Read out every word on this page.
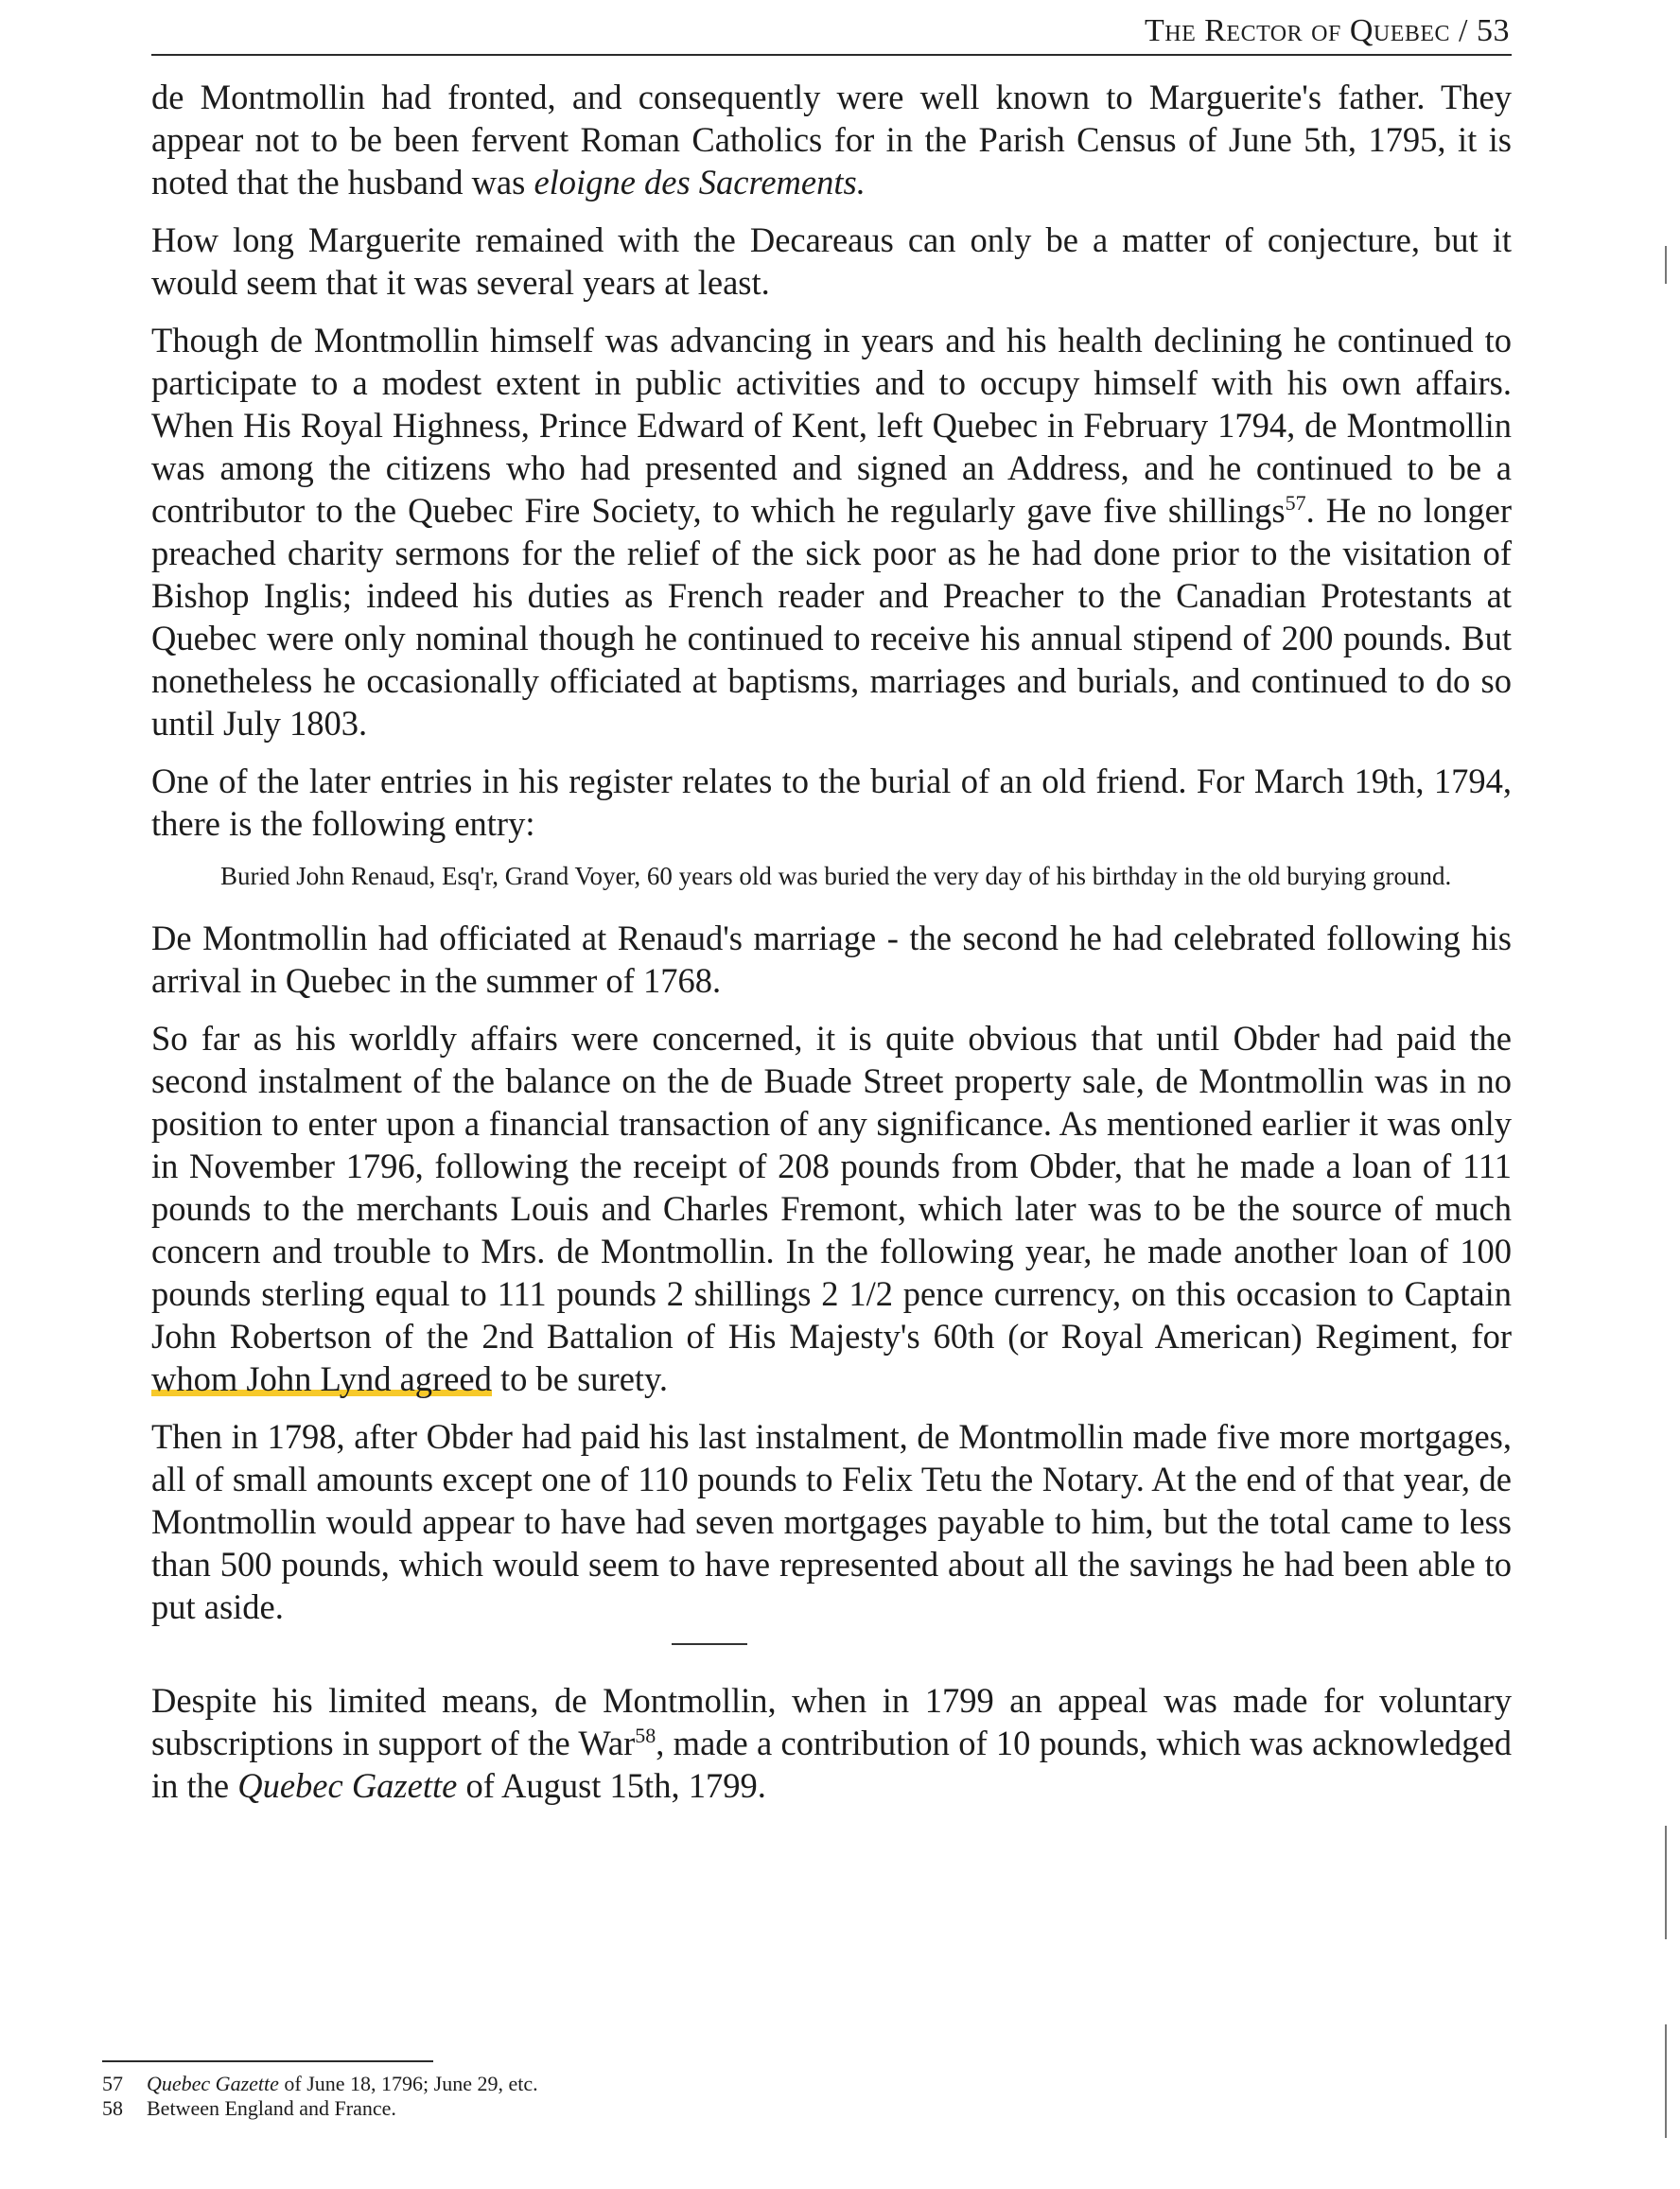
The Rector of Quebec / 53

de Montmollin had fronted, and consequently were well known to Marguerite's father. They appear not to be been fervent Roman Catholics for in the Parish Census of June 5th, 1795, it is noted that the husband was eloigne des Sacrements.

How long Marguerite remained with the Decareaus can only be a matter of conjecture, but it would seem that it was several years at least.

Though de Montmollin himself was advancing in years and his health declining he continued to participate to a modest extent in public activities and to occupy himself with his own affairs. When His Royal Highness, Prince Edward of Kent, left Quebec in February 1794, de Montmollin was among the citizens who had presented and signed an Address, and he continued to be a contributor to the Quebec Fire Society, to which he regularly gave five shillings$^{57}$. He no longer preached charity sermons for the relief of the sick poor as he had done prior to the visitation of Bishop Inglis; indeed his duties as French reader and Preacher to the Canadian Protestants at Quebec were only nominal though he continued to receive his annual stipend of 200 pounds. But nonetheless he occasionally officiated at baptisms, marriages and burials, and continued to do so until July 1803.

One of the later entries in his register relates to the burial of an old friend. For March 19th, 1794, there is the following entry:

Buried John Renaud, Esq'r, Grand Voyer, 60 years old was buried the very day of his birthday in the old burying ground.

De Montmollin had officiated at Renaud's marriage - the second he had celebrated following his arrival in Quebec in the summer of 1768.

So far as his worldly affairs were concerned, it is quite obvious that until Obder had paid the second instalment of the balance on the de Buade Street property sale, de Montmollin was in no position to enter upon a financial transaction of any significance. As mentioned earlier it was only in November 1796, following the receipt of 208 pounds from Obder, that he made a loan of 111 pounds to the merchants Louis and Charles Fremont, which later was to be the source of much concern and trouble to Mrs. de Montmollin. In the following year, he made another loan of 100 pounds sterling equal to 111 pounds 2 shillings 2 1/2 pence currency, on this occasion to Captain John Robertson of the 2nd Battalion of His Majesty's 60th (or Royal American) Regiment, for whom John Lynd agreed to be surety.

Then in 1798, after Obder had paid his last instalment, de Montmollin made five more mortgages, all of small amounts except one of 110 pounds to Felix Tetu the Notary. At the end of that year, de Montmollin would appear to have had seven mortgages payable to him, but the total came to less than 500 pounds, which would seem to have represented about all the savings he had been able to put aside.

Despite his limited means, de Montmollin, when in 1799 an appeal was made for voluntary subscriptions in support of the War$^{58}$, made a contribution of 10 pounds, which was acknowledged in the Quebec Gazette of August 15th, 1799.

57 Quebec Gazette of June 18, 1796; June 29, etc.
58 Between England and France.
